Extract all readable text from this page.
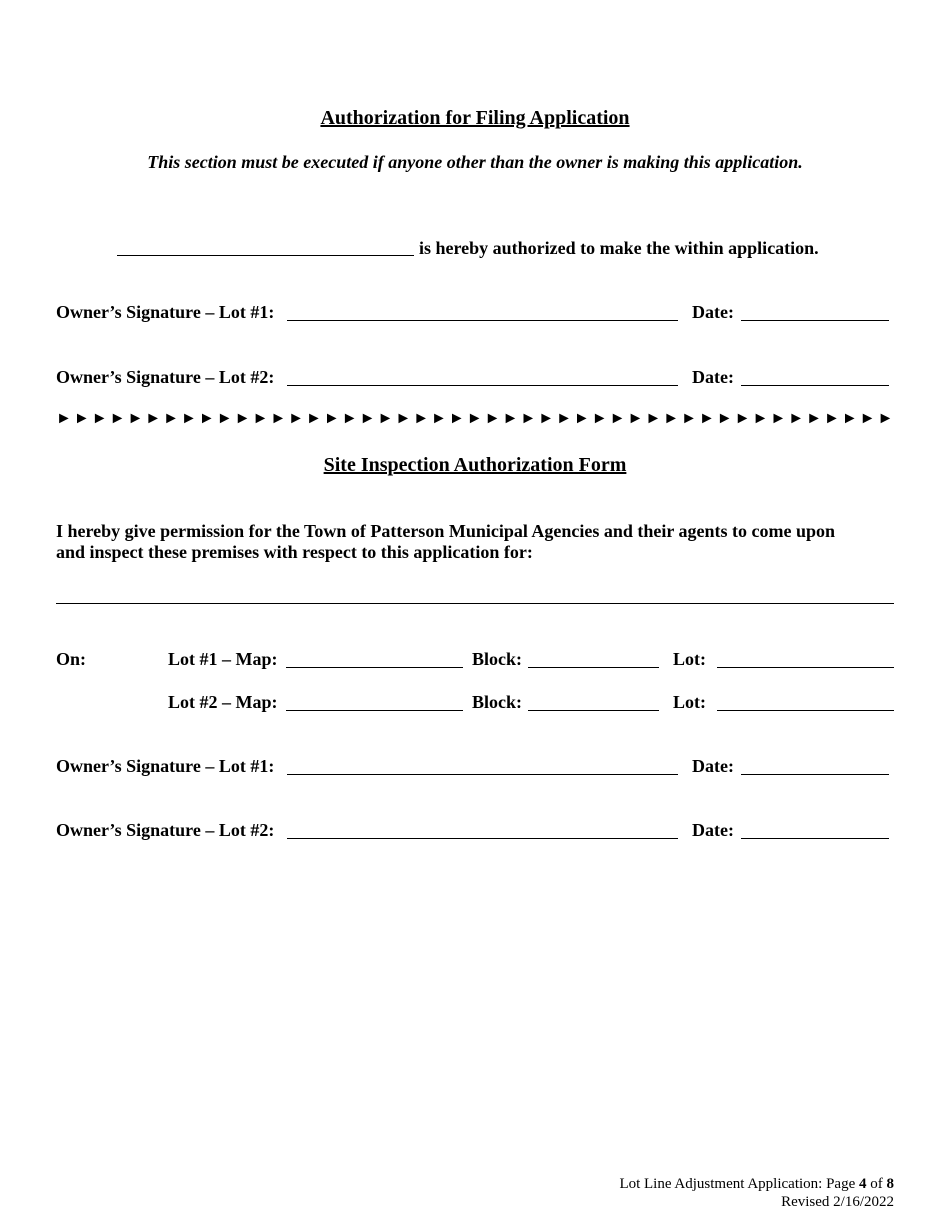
Authorization for Filing Application
This section must be executed if anyone other than the owner is making this application.
is hereby authorized to make the within application.
Owner’s Signature – Lot #1:	Date:
Owner’s Signature – Lot #2:	Date:
► ► ► ► ► ► ► ► ► ► ► ► ► ► ► ► ► ► ► ► ► ► ► ► ► ► ► ► ► ► ► ► ► ► ► ► ► ► ► ► ► ► ► ► ► ► ►
Site Inspection Authorization Form
I hereby give permission for the Town of Patterson Municipal Agencies and their agents to come upon
and inspect these premises with respect to this application for:
On:	Lot #1 – Map:	Block:	Lot:
Lot #2 – Map:	Block:	Lot:
Owner’s Signature – Lot #1:	Date:
Owner’s Signature – Lot #2:	Date:
Lot Line Adjustment Application: Page 4 of 8
Revised 2/16/2022
